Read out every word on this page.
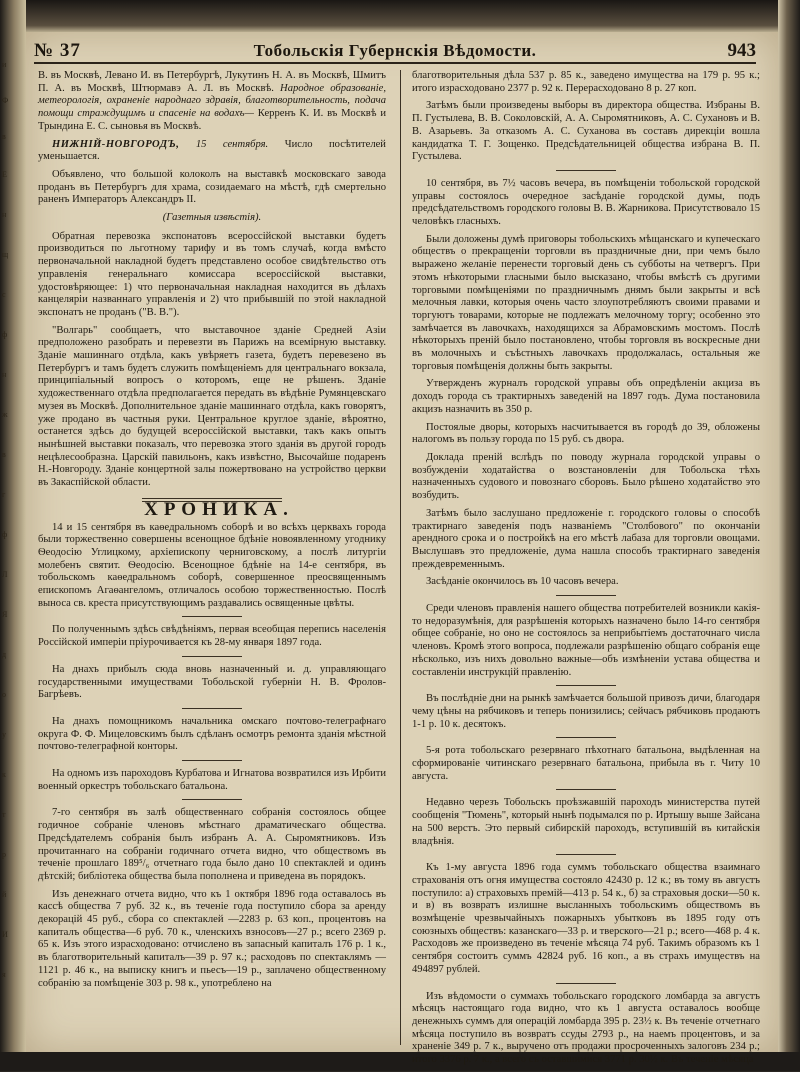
и
Ф
в
Е
н
щ
с
ф
н
ж
в
г
ф
Л
Я
д
о
у
к
т
р
й
И
я
№ 37	Тобольскія Губернскія Вѣдомости.	943

В. въ Москвѣ, Левано И. въ Петербургѣ, Лукутинъ Н. А. въ Москвѣ, Шмитъ П. А. въ Москвѣ, Штюрмавэ А. Л. въ Москвѣ. Народное образованіе, метеорологія, охраненіе народнаго здравія, благотворительность, подача помощи страждущимъ и спасеніе на водахъ— Керренъ К. И. въ Москвѣ и Трындина Е. С. сыновья въ Москвѣ.

НИЖНІЙ-НОВГОРОДЪ, 15 сентября. Число посѣтителей уменьшается.

Объявлено, что большой колоколъ на выставкѣ московскаго завода проданъ въ Петербургъ для храма, созидаемаго на мѣстѣ, гдѣ смертельно раненъ Императоръ Александръ II.

(Газетныя извѣстія).

Обратная перевозка экспонатовъ всероссійской выставки будетъ производиться по льготному тарифу и въ томъ случаѣ, когда вмѣсто первоначальной накладной будетъ представлено особое свидѣтельство отъ управленія генеральнаго комиссара всероссійской выставки, удостовѣряющее: 1) что первоначальная накладная находится въ дѣлахъ канцеляріи названнаго управленія и 2) что прибывшій по этой накладной экспонатъ не проданъ ("В. В.").

"Волгарь" сообщаетъ, что выставочное зданіе Средней Азіи предположено разобрать и перевезти въ Парижъ на всемірную выставку. Зданіе машиннаго отдѣла, какъ увѣряетъ газета, будетъ перевезено въ Петербургъ и тамъ будетъ служить помѣщеніемъ для центральнаго вокзала, принципіальный вопросъ о которомъ, еще не рѣшенъ. Зданіе художественнаго отдѣла предполагается передать въ вѣдѣніе Румянцевскаго музея въ Москвѣ. Дополнительное зданіе машиннаго отдѣла, какъ говорятъ, уже продано въ частныя руки. Центральное круглое зданіе, вѣроятно, останется здѣсь до будущей всероссійской выставки, такъ какъ опытъ нынѣшней выставки показалъ, что перевозка этого зданія въ другой городъ нецѣлесообразна. Царскій павильонъ, какъ извѣстно, Высочайше подаренъ Н.-Новгороду. Зданіе концертной залы пожертвовано на устройство церкви въ Закаспійской области.

ХРОНИКА.

14 и 15 сентября въ каѳедральномъ соборѣ и во всѣхъ церквахъ города были торжественно совершены всенощное бдѣніе новоявленному угоднику Ѳеодосію Углицкому, архіепископу черниговскому, а послѣ литургіи молебенъ святит. Ѳеодосію. Всенощное бдѣніе на 14-е сентября, въ тобольскомъ каѳедральномъ соборѣ, совершенное преосвященнымъ епископомъ Агаѳангеломъ, отличалось особою торжественностью. Послѣ выноса св. креста присутствующимъ раздавались освященные цвѣты.

По полученнымъ здѣсь свѣдѣніямъ, первая всеобщая перепись населенія Россійской имперіи пріурочивается къ 28-му января 1897 года.

На днахъ прибылъ сюда вновь назначенный и. д. управляющаго государственными имуществами Тобольской губерніи Н. В. Фролов-Багрѣевъ.

На днахъ помощникомъ начальника омскаго почтово-телеграфнаго округа Ф. Ф. Мицеловскимъ былъ сдѣланъ осмотръ ремонта зданія мѣстной почтово-телеграфной конторы.

На одномъ изъ пароходовъ Курбатова и Игнатова возвратился изъ Ирбити военный оркестръ тобольскаго батальона.

7-го сентября въ залѣ общественнаго собранія состоялось общее годичное собраніе членовъ мѣстнаго драматическаго общества. Предсѣдателемъ собранія былъ избранъ А. А. Сыромятниковъ. Изъ прочитаннаго на собраніи годичнаго отчета видно, что обществомъ въ теченіе прошлаго 189⁵/₆ отчетнаго года было дано 10 спектаклей и одинъ дѣтскій; библіотека общества была пополнена и приведена въ порядокъ.

Изъ денежнаго отчета видно, что къ 1 октября 1896 года оставалось въ кассѣ общества 7 руб. 32 к., въ теченіе года поступило сбора за аренду декорацій 45 руб., сбора со спектаклей —2283 р. 63 коп., процентовъ на капиталъ общества—6 руб. 70 к., членскихъ взносовъ—27 р.; всего 2369 р. 65 к. Изъ этого израсходовано: отчислено въ запасный капиталъ 176 р. 1 к., въ благотворительный капиталъ—39 р. 97 к.; расходовъ по спектаклямъ —1121 р. 46 к., на выписку книгъ и пьесъ—19 р., заплачено общественному собранію за помѣщеніе 303 р. 98 к., употреблено на

благотворительныя дѣла 537 р. 85 к., заведено имущества на 179 р. 95 к.; итого израсходовано 2377 р. 92 к. Перерасходовано 8 р. 27 коп.

Затѣмъ были произведены выборы въ директора общества. Избраны В. П. Густылева, В. В. Соколовскій, А. А. Сыромятниковъ, А. С. Сухановъ и В. В. Азарьевъ. За отказомъ А. С. Суханова въ составъ дирекціи вошла кандидатка Т. Г. Зощенко. Предсѣдательницей общества избрана В. П. Густылева.

10 сентября, въ 7½ часовъ вечера, въ помѣщеніи тобольской городской управы состоялось очередное засѣданіе городской думы, подъ предсѣдательствомъ городского головы В. В. Жарникова. Присутствовало 15 человѣкъ гласныхъ.

Были доложены думѣ приговоры тобольскихъ мѣщанскаго и купеческаго обществъ о прекращеніи торговли въ праздничные дни, при чемъ было выражено желаніе перенести торговый день съ субботы на четвергъ. При этомъ нѣкоторыми гласными было высказано, чтобы вмѣстѣ съ другими торговыми помѣщеніями по праздничнымъ днямъ были закрыты и всѣ мелочныя лавки, которыя очень часто злоупотребляютъ своими правами и торгуютъ товарами, которые не подлежатъ мелочному торгу; особенно это замѣчается въ лавочкахъ, находящихся за Абрамовскимъ мостомъ. Послѣ нѣкоторыхъ преній было постановлено, чтобы торговля въ воскресные дни въ молочныхъ и съѣстныхъ лавочкахъ продолжалась, остальныя же торговыя помѣщенія должны быть закрыты.

Утвержденъ журналъ городской управы объ опредѣленіи акциза въ доходъ города съ трактирныхъ заведеній на 1897 годъ. Дума постановила акцизъ назначить въ 350 р.

Постоялые дворы, которыхъ насчитывается въ городѣ до 39, обложены налогомъ въ пользу города по 15 руб. съ двора.

Доклада преній вслѣдъ по поводу журнала городской управы о возбужденіи ходатайства о возстановленіи для Тобольска тѣхъ назначенныхъ судового и повознаго сборовъ. Было рѣшено ходатайство это возбудить.

Затѣмъ было заслушано предложеніе г. городского головы о способѣ трактирнаго заведенія подъ названіемъ "Столбового" по окончаніи арендного срока и о постройкѣ на его мѣстѣ лабаза для торговли овощами. Выслушавъ это предложеніе, дума нашла способъ трактирнаго заведенія преждевременнымъ.

Засѣданіе окончилось въ 10 часовъ вечера.

Среди членовъ правленія нашего общества потребителей возникли какія-то недоразумѣнія, для разрѣшенія которыхъ назначено было 14-го сентября общее собраніе, но оно не состоялось за неприбытіемъ достаточнаго числа членовъ. Кромѣ этого вопроса, подлежали разрѣшенію общаго собранія еще нѣсколько, изъ нихъ довольно важные—объ измѣненіи устава общества и составленіи инструкцій правленію.

Въ послѣдніе дни на рынкѣ замѣчается большой привозъ дичи, благодаря чему цѣны на рябчиковъ и теперь понизились; сейчасъ рябчиковъ продаютъ 1-1 р. 10 к. десятокъ.

5-я рота тобольскаго резервнаго пѣхотнаго батальона, выдѣленная на сформированіе читинскаго резервнаго батальона, прибыла въ г. Читу 10 августа.

Недавно черезъ Тобольскъ проѣзжавшій пароходъ министерства путей сообщенія "Тюмень", который нынѣ подымался по р. Иртышу выше Зайсана на 500 верстъ. Это первый сибирскій пароходъ, вступившій въ китайскія владѣнія.

Къ 1-му августа 1896 года суммъ тобольскаго общества взаимнаго страхованія отъ огня имущества состояло 42430 р. 12 к.; въ тому въ августъ поступило: а) страховыхъ премій—413 р. 54 к., б) за страховыя доски—50 к. и в) въ возвратъ излишне высланныхъ тобольскимъ обществомъ въ возмѣщеніе чрезвычайныхъ пожарныхъ убытковъ въ 1895 году отъ союзныхъ обществъ: казанскаго—33 р. и тверского—21 р.; всего—468 р. 4 к. Расходовъ же произведено въ теченіе мѣсяца 74 руб. Такимъ образомъ къ 1 сентября состоитъ суммъ 42824 руб. 16 коп., а въ страхъ имуществъ на 494897 рублей.

Изъ вѣдомости о суммахъ тобольскаго городского ломбарда за августъ мѣсяцъ настоящаго года видно, что къ 1 августа оставалось вообще денежныхъ суммъ для операцій ломбарда 395 р. 23½ к. Въ теченіе отчетнаго мѣсяца поступило въ возвратъ ссуды 2793 р., на наемъ процентовъ, и за храненіе 349 р. 7 к., выручено отъ продажи просроченныхъ залоговъ 234 р.; итого 3376 р. 7 к., а всего съ оставшимися 3771 р. 30½ к. Въ теченіе мѣсяца
